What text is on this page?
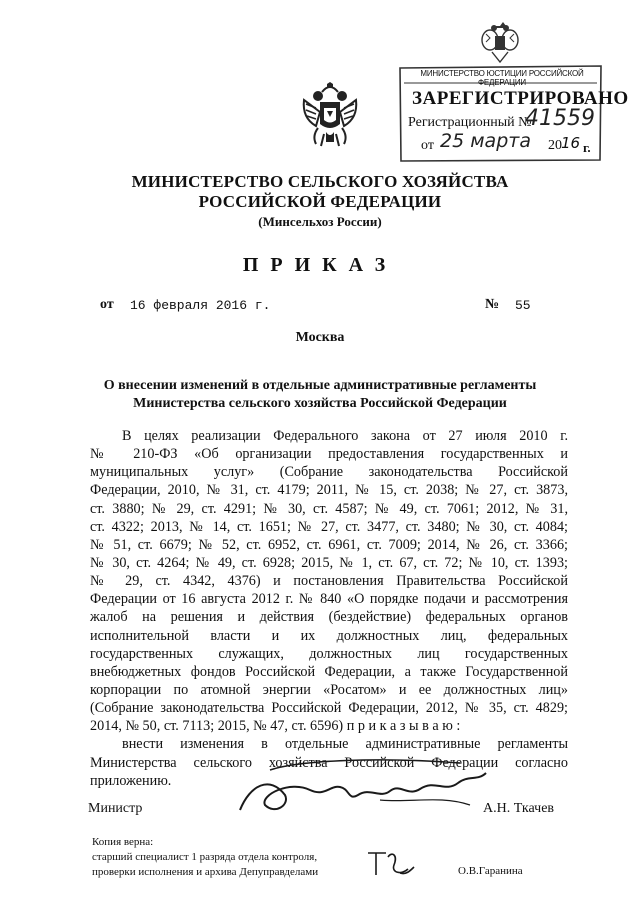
МИНИСТЕРСТВО ЮСТИЦИИ РОССИЙСКОЙ ФЕДЕРАЦИИ
ЗАРЕГИСТРИРОВАНО
Регистрационный №
41559
от 25 марта 20 16 г.
МИНИСТЕРСТВО СЕЛЬСКОГО ХОЗЯЙСТВА
РОССИЙСКОЙ ФЕДЕРАЦИИ
(Минсельхоз России)
ПРИКАЗ
от 16 февраля 2016 г.	№ 55
Москва
О внесении изменений в отдельные административные регламенты
Министерства сельского хозяйства Российской Федерации
В целях реализации Федерального закона от 27 июля 2010 г.
№ 210-ФЗ «Об организации предоставления государственных и
муниципальных услуг» (Собрание законодательства Российской
Федерации, 2010, № 31, ст. 4179; 2011, № 15, ст. 2038; № 27, ст. 3873,
ст. 3880; № 29, ст. 4291; № 30, ст. 4587; № 49, ст. 7061; 2012, № 31,
ст. 4322; 2013, № 14, ст. 1651; № 27, ст. 3477, ст. 3480; № 30, ст. 4084;
№ 51, ст. 6679; № 52, ст. 6952, ст. 6961, ст. 7009; 2014, № 26, ст. 3366;
№ 30, ст. 4264; № 49, ст. 6928; 2015, № 1, ст. 67, ст. 72; № 10, ст. 1393;
№ 29, ст. 4342, 4376) и постановления Правительства Российской
Федерации от 16 августа 2012 г. № 840 «О порядке подачи и рассмотрения
жалоб на решения и действия (бездействие) федеральных органов
исполнительной власти и их должностных лиц, федеральных
государственных служащих, должностных лиц государственных
внебюджетных фондов Российской Федерации, а также Государственной
корпорации по атомной энергии «Росатом» и ее должностных лиц»
(Собрание законодательства Российской Федерации, 2012, № 35, ст. 4829;
2014, № 50, ст. 7113; 2015, № 47, ст. 6596) п р и к а з ы в а ю :
внести изменения в отдельные административные регламенты
Министерства сельского хозяйства Российской Федерации согласно
приложению.
Министр	А.Н. Ткачев
Копия верна:
старший специалист 1 разряда отдела контроля,
проверки исполнения и архива Депуправделами	О.В.Гаранина
